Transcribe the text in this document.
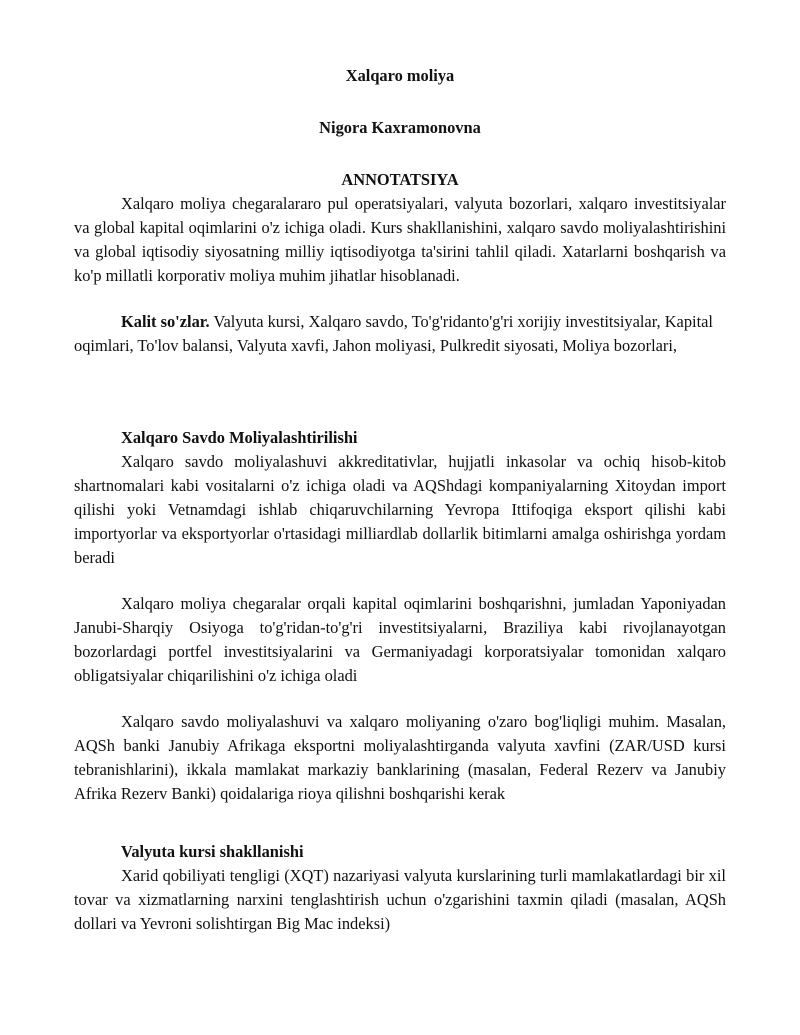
Xalqaro moliya

Nigora Kaxramonovna

ANNOTATSIYA

Xalqaro moliya chegaralararo pul operatsiyalari, valyuta bozorlari, xalqaro investitsiyalar va global kapital oqimlarini o'z ichiga oladi. Kurs shakllanishini, xalqaro savdo moliyalashtirishini va global iqtisodiy siyosatning milliy iqtisodiyotga ta'sirini tahlil qiladi. Xatarlarni boshqarish va ko'p millatli korporativ moliya muhim jihatlar hisoblanadi.

Kalit so'zlar. Valyuta kursi, Xalqaro savdo, To'g'ridanto'g'ri xorijiy investitsiyalar, Kapital oqimlari, To'lov balansi, Valyuta xavfi, Jahon moliyasi, Pulkredit siyosati, Moliya bozorlari,

Xalqaro Savdo Moliyalashtirilishi

Xalqaro savdo moliyalashuvi akkreditativlar, hujjatli inkasolar va ochiq hisob-kitob shartnomalari kabi vositalarni o'z ichiga oladi va AQShdagi kompaniyalarning Xitoydan import qilishi yoki Vetnamdagi ishlab chiqaruvchilarning Yevropa Ittifoqiga eksport qilishi kabi importyorlar va eksportyorlar o'rtasidagi milliardlab dollarlik bitimlarni amalga oshirishga yordam beradi

Xalqaro moliya chegaralar orqali kapital oqimlarini boshqarishni, jumladan Yaponiyadan Janubi-Sharqiy Osiyoga to'g'ridan-to'g'ri investitsiyalarni, Braziliya kabi rivojlanayotgan bozorlardagi portfel investitsiyalarini va Germaniyadagi korporatsiyalar tomonidan xalqaro obligatsiyalar chiqarilishini o'z ichiga oladi

Xalqaro savdo moliyalashuvi va xalqaro moliyaning o'zaro bog'liqligi muhim. Masalan, AQSh banki Janubiy Afrikaga eksportni moliyalashtirganda valyuta xavfini (ZAR/USD kursi tebranishlarini), ikkala mamlakat markaziy banklarining (masalan, Federal Rezerv va Janubiy Afrika Rezerv Banki) qoidalariga rioya qilishni boshqarishi kerak

Valyuta kursi shakllanishi

Xarid qobiliyati tengligi (XQT) nazariyasi valyuta kurslarining turli mamlakatlardagi bir xil tovar va xizmatlarning narxini tenglashtirish uchun o'zgarishini taxmin qiladi (masalan, AQSh dollari va Yevroni solishtirgan Big Mac indeksi)
